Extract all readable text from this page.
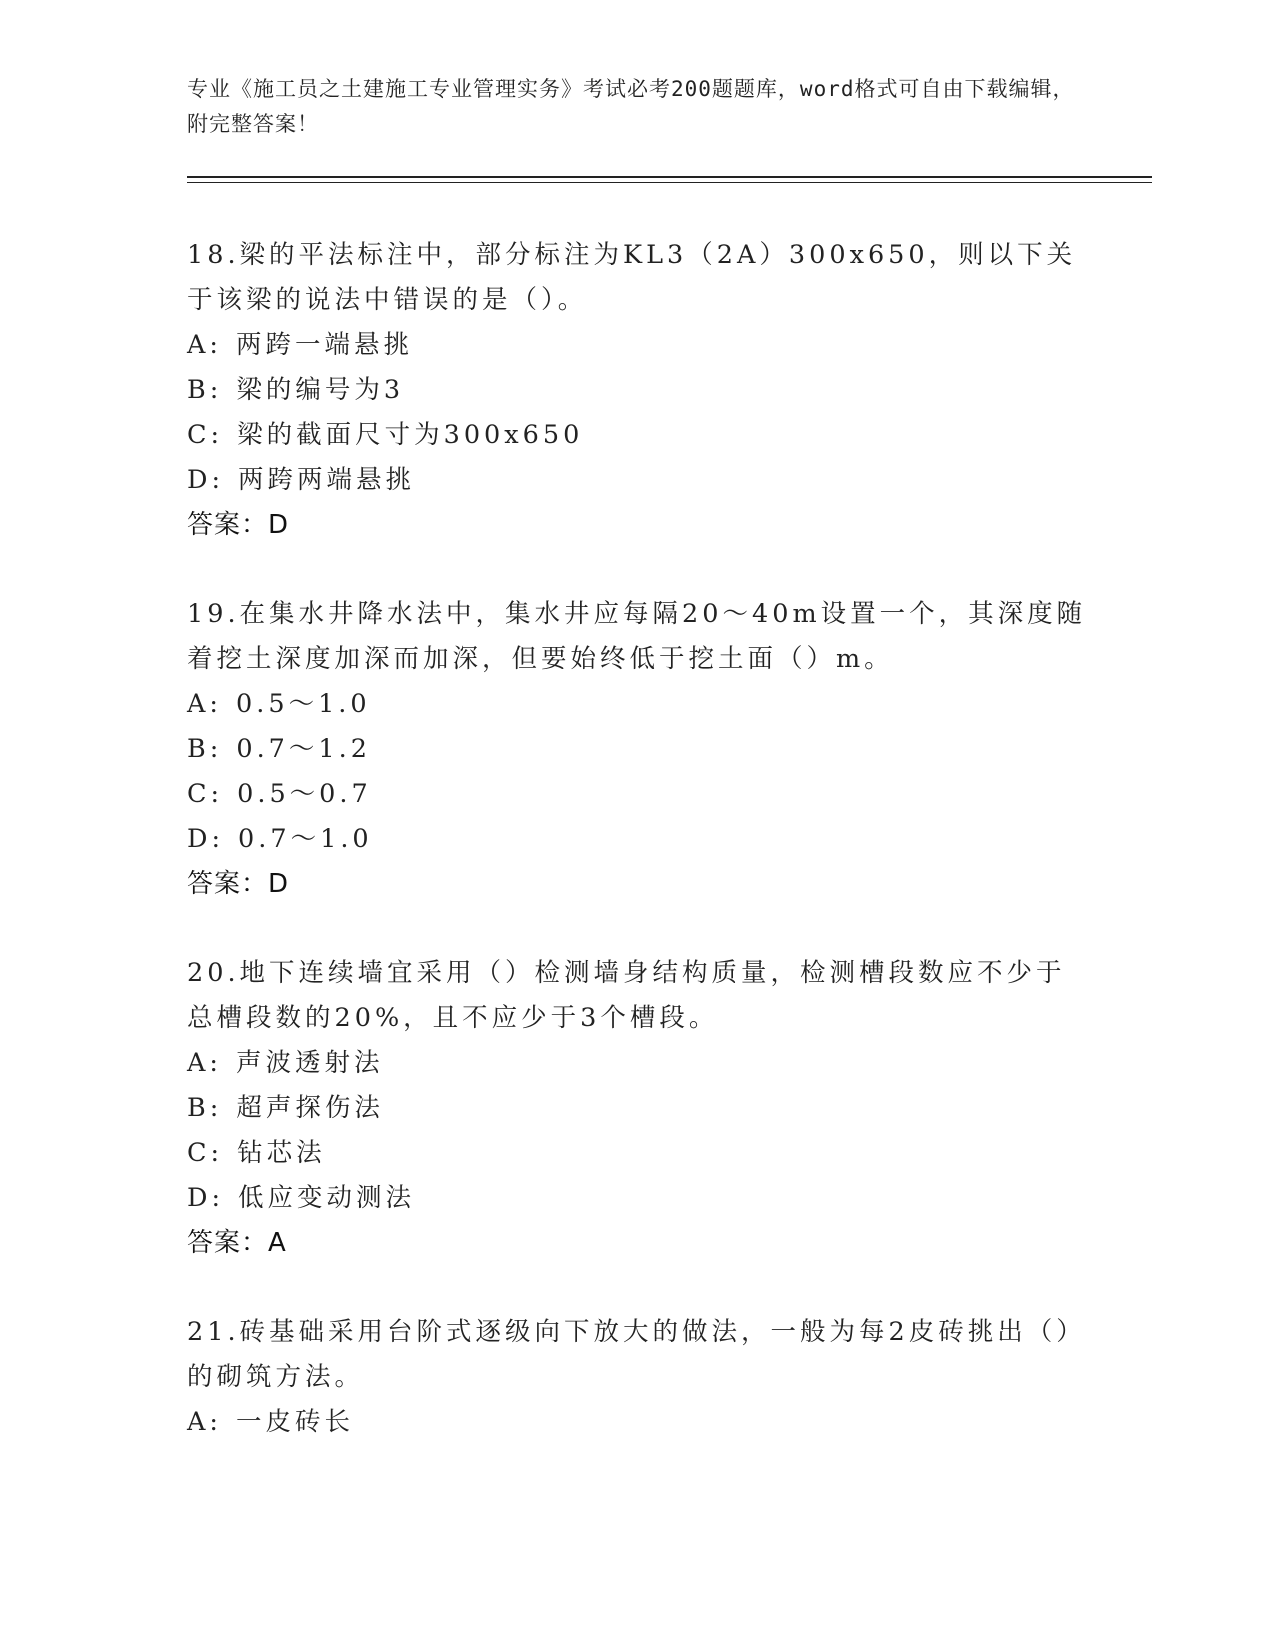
专业《施工员之土建施工专业管理实务》考试必考200题题库，word格式可自由下载编辑，附完整答案！
18.梁的平法标注中，部分标注为KL3（2A）300x650，则以下关于该梁的说法中错误的是（）。
A: 两跨一端悬挑
B: 梁的编号为3
C: 梁的截面尺寸为300x650
D: 两跨两端悬挑
答案：D
19.在集水井降水法中，集水井应每隔20～40m设置一个，其深度随着挖土深度加深而加深，但要始终低于挖土面（）m。
A: 0.5～1.0
B: 0.7～1.2
C: 0.5～0.7
D: 0.7～1.0
答案：D
20.地下连续墙宜采用（）检测墙身结构质量，检测槽段数应不少于总槽段数的20%，且不应少于3个槽段。
A: 声波透射法
B: 超声探伤法
C: 钻芯法
D: 低应变动测法
答案：A
21.砖基础采用台阶式逐级向下放大的做法，一般为每2皮砖挑出（）的砌筑方法。
A: 一皮砖长
